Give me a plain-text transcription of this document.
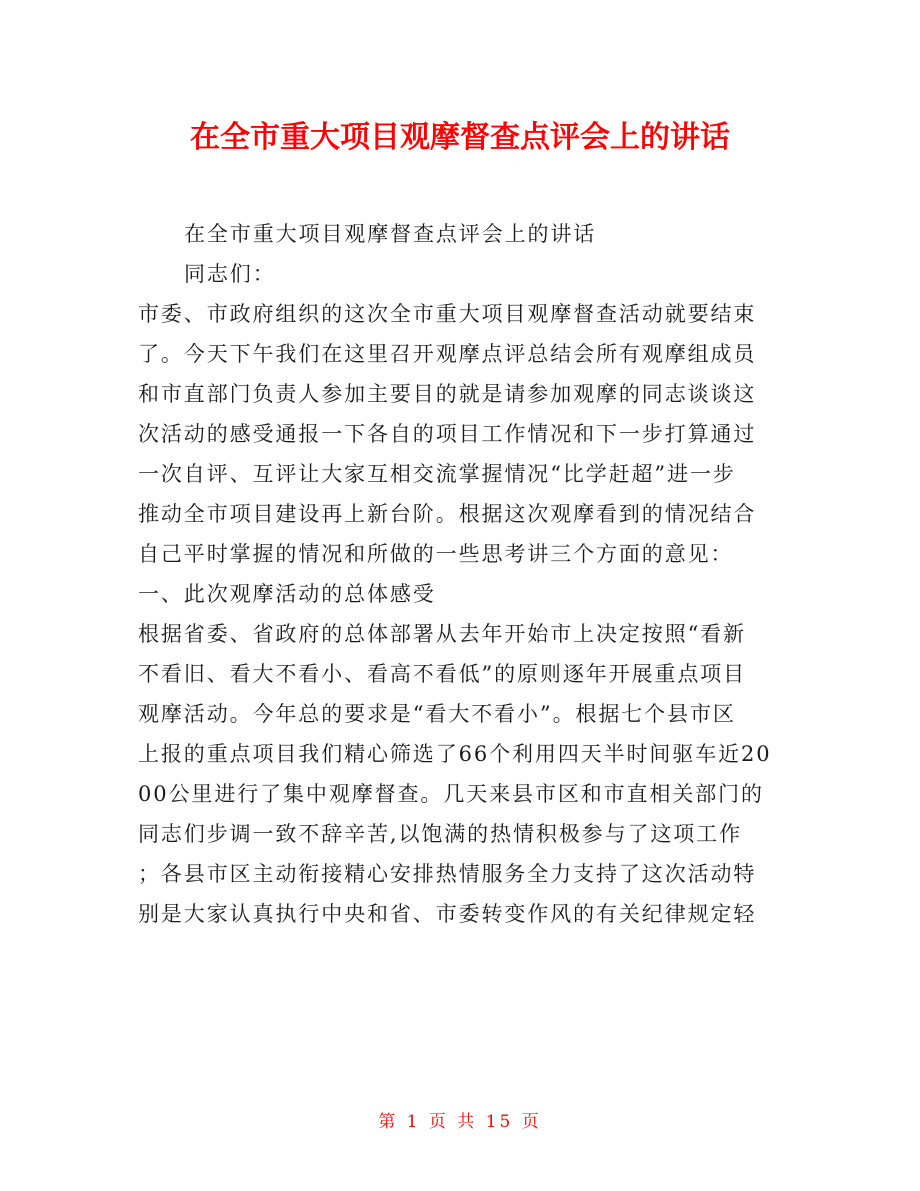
在全市重大项目观摩督查点评会上的讲话
在全市重大项目观摩督查点评会上的讲话
同志们：
市委、市政府组织的这次全市重大项目观摩督查活动就要结束
了。今天下午我们在这里召开观摩点评总结会所有观摩组成员
和市直部门负责人参加主要目的就是请参加观摩的同志谈谈这
次活动的感受通报一下各自的项目工作情况和下一步打算通过
一次自评、互评让大家互相交流掌握情况“比学赶超”进一步
推动全市项目建设再上新台阶。根据这次观摩看到的情况结合
自己平时掌握的情况和所做的一些思考讲三个方面的意见：
一、此次观摩活动的总体感受
根据省委、省政府的总体部署从去年开始市上决定按照“看新
不看旧、看大不看小、看高不看低”的原则逐年开展重点项目
观摩活动。今年总的要求是“看大不看小”。根据七个县市区
上报的重点项目我们精心筛选了66个利用四天半时间驱车近20
00公里进行了集中观摩督查。几天来县市区和市直相关部门的
同志们步调一致不辞辛苦,以饱满的热情积极参与了这项工作
；各县市区主动衔接精心安排热情服务全力支持了这次活动特
别是大家认真执行中央和省、市委转变作风的有关纪律规定轻
第 1 页 共 15 页
